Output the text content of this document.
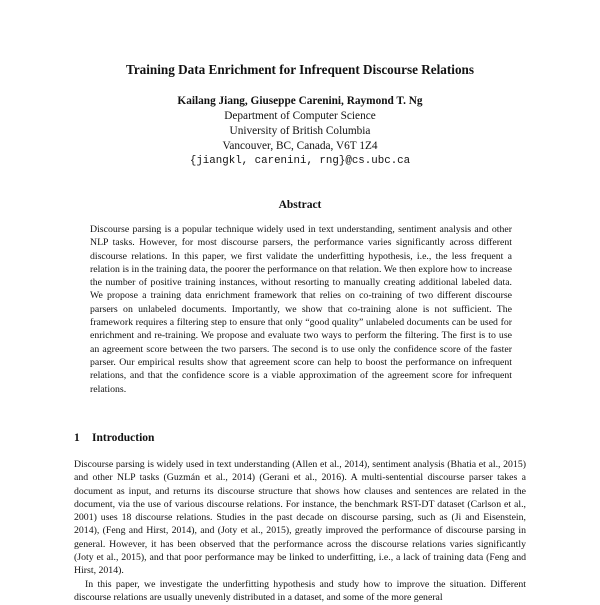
Training Data Enrichment for Infrequent Discourse Relations
Kailang Jiang, Giuseppe Carenini, Raymond T. Ng
Department of Computer Science
University of British Columbia
Vancouver, BC, Canada, V6T 1Z4
{jiangkl, carenini, rng}@cs.ubc.ca
Abstract

Discourse parsing is a popular technique widely used in text understanding, sentiment analysis and other NLP tasks. However, for most discourse parsers, the performance varies significantly across different discourse relations. In this paper, we first validate the underfitting hypothesis, i.e., the less frequent a relation is in the training data, the poorer the performance on that relation. We then explore how to increase the number of positive training instances, without resorting to manually creating additional labeled data. We propose a training data enrichment framework that relies on co-training of two different discourse parsers on unlabeled documents. Importantly, we show that co-training alone is not sufficient. The framework requires a filtering step to ensure that only “good quality” unlabeled documents can be used for enrichment and re-training. We propose and evaluate two ways to perform the filtering. The first is to use an agreement score between the two parsers. The second is to use only the confidence score of the faster parser. Our empirical results show that agreement score can help to boost the performance on infrequent relations, and that the confidence score is a viable approximation of the agreement score for infrequent relations.

1 Introduction

Discourse parsing is widely used in text understanding (Allen et al., 2014), sentiment analysis (Bhatia et al., 2015) and other NLP tasks (Guzmán et al., 2014) (Gerani et al., 2016). A multi-sentential discourse parser takes a document as input, and returns its discourse structure that shows how clauses and sentences are related in the document, via the use of various discourse relations. For instance, the benchmark RST-DT dataset (Carlson et al., 2001) uses 18 discourse relations. Studies in the past decade on discourse parsing, such as (Ji and Eisenstein, 2014), (Feng and Hirst, 2014), and (Joty et al., 2015), greatly improved the performance of discourse parsing in general. However, it has been observed that the performance across the discourse relations varies significantly (Joty et al., 2015), and that poor performance may be linked to underfitting, i.e., a lack of training data (Feng and Hirst, 2014).

In this paper, we investigate the underfitting hypothesis and study how to improve the situation. Different discourse relations are usually unevenly distributed in a dataset, and some of the more general
